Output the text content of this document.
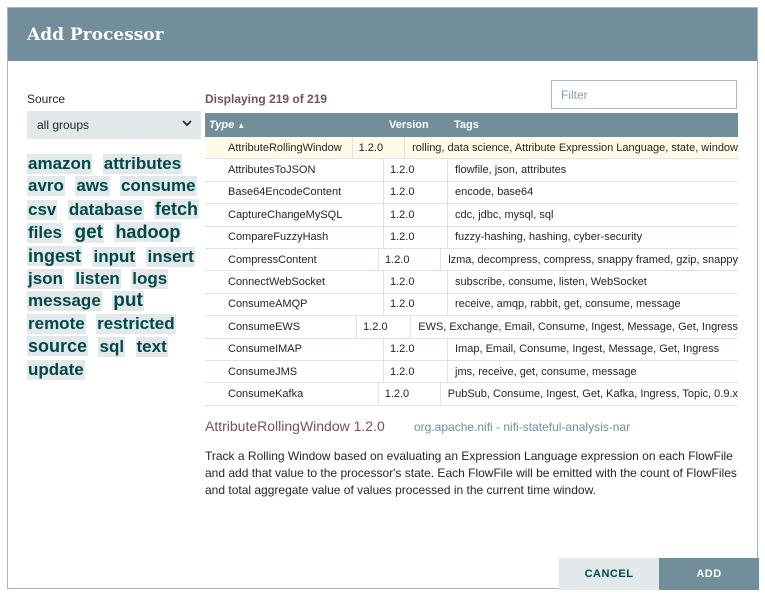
Add Processor
Source
all groups
amazon attributes avro aws consume csv database fetch files get hadoop ingest input insert json listen logs message put remote restricted source sql text update
Displaying 219 of 219
Filter
Type ▲	Version	Tags
AttributeRollingWindow	1.2.0	rolling, data science, Attribute Expression Language, state, window
AttributesToJSON	1.2.0	flowfile, json, attributes
Base64EncodeContent	1.2.0	encode, base64
CaptureChangeMySQL	1.2.0	cdc, jdbc, mysql, sql
CompareFuzzyHash	1.2.0	fuzzy-hashing, hashing, cyber-security
CompressContent	1.2.0	lzma, decompress, compress, snappy framed, gzip, snappy
ConnectWebSocket	1.2.0	subscribe, consume, listen, WebSocket
ConsumeAMQP	1.2.0	receive, amqp, rabbit, get, consume, message
ConsumeEWS	1.2.0	EWS, Exchange, Email, Consume, Ingest, Message, Get, Ingress
ConsumeIMAP	1.2.0	Imap, Email, Consume, Ingest, Message, Get, Ingress
ConsumeJMS	1.2.0	jms, receive, get, consume, message
ConsumeKafka	1.2.0	PubSub, Consume, Ingest, Get, Kafka, Ingress, Topic, 0.9.x
AttributeRollingWindow 1.2.0 org.apache.nifi - nifi-stateful-analysis-nar
Track a Rolling Window based on evaluating an Expression Language expression on each FlowFile and add that value to the processor's state. Each FlowFile will be emitted with the count of FlowFiles and total aggregate value of values processed in the current time window.
CANCEL	ADD
